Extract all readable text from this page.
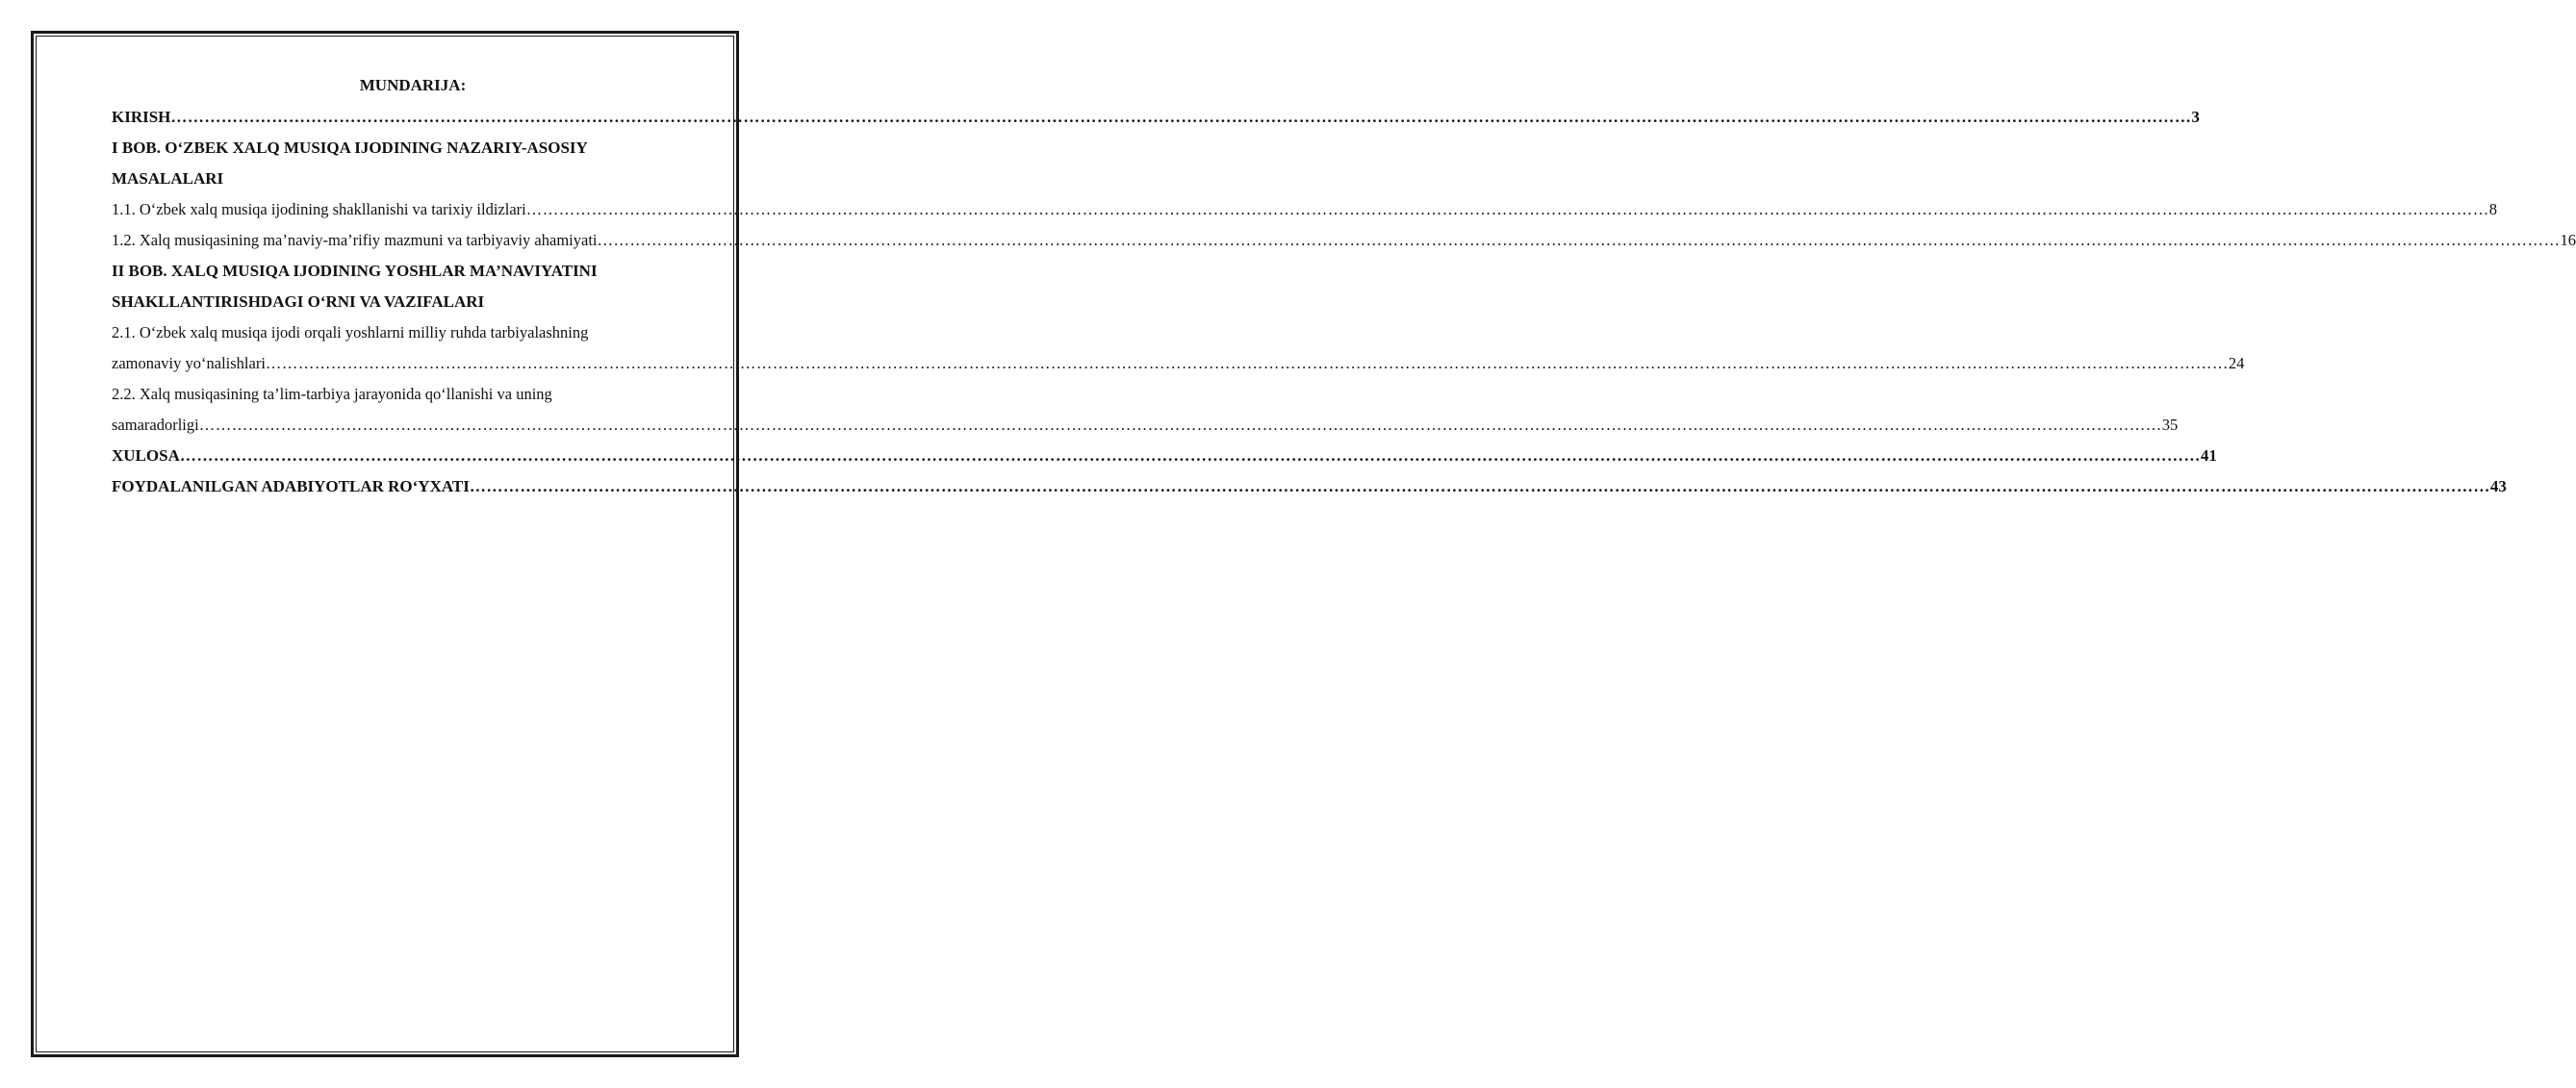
MUNDARIJA:
KIRISH ……………………………………………………………………………………………………………………………………………………………………………………………………………………………………………………………………………………………………………………………… 3
I BOB. O‘ZBEK XALQ MUSIQA IJODINING NAZARIY-ASOSIY
MASALALARI
1.1. O‘zbek xalq musiqa ijodining shakllanishi va tarixiy ildizlari ……………………………………………………………………………………………………………………………………………………………………………………………………………………………………………………………………………………………………………………………… 8
1.2. Xalq musiqasining ma’naviy-ma’rifiy mazmuni va tarbiyaviy ahamiyati ……………………………………………………………………………………………………………………………………………………………………………………………………………………………………………………………………………………………………………………………… 16
II BOB. XALQ MUSIQA IJODINING YOSHLAR MA’NAVIYATINI
SHAKLLANTIRISHDAGI O‘RNI VA VAZIFALARI
2.1. O‘zbek xalq musiqa ijodi orqali yoshlarni milliy ruhda tarbiyalashning
zamonaviy yo‘nalishlari ……………………………………………………………………………………………………………………………………………………………………………………………………………………………………………………………………………………………………………………………… 24
2.2. Xalq musiqasining ta’lim-tarbiya jarayonida qo‘llanishi va uning
samaradorligi ……………………………………………………………………………………………………………………………………………………………………………………………………………………………………………………………………………………………………………………………… 35
XULOSA ……………………………………………………………………………………………………………………………………………………………………………………………………………………………………………………………………………………………………………………………… 41
FOYDALANILGAN ADABIYOTLAR RO‘YXATI ……………………………………………………………………………………………………………………………………………………………………………………………………………………………………………………………………………………………………………………………… 43
